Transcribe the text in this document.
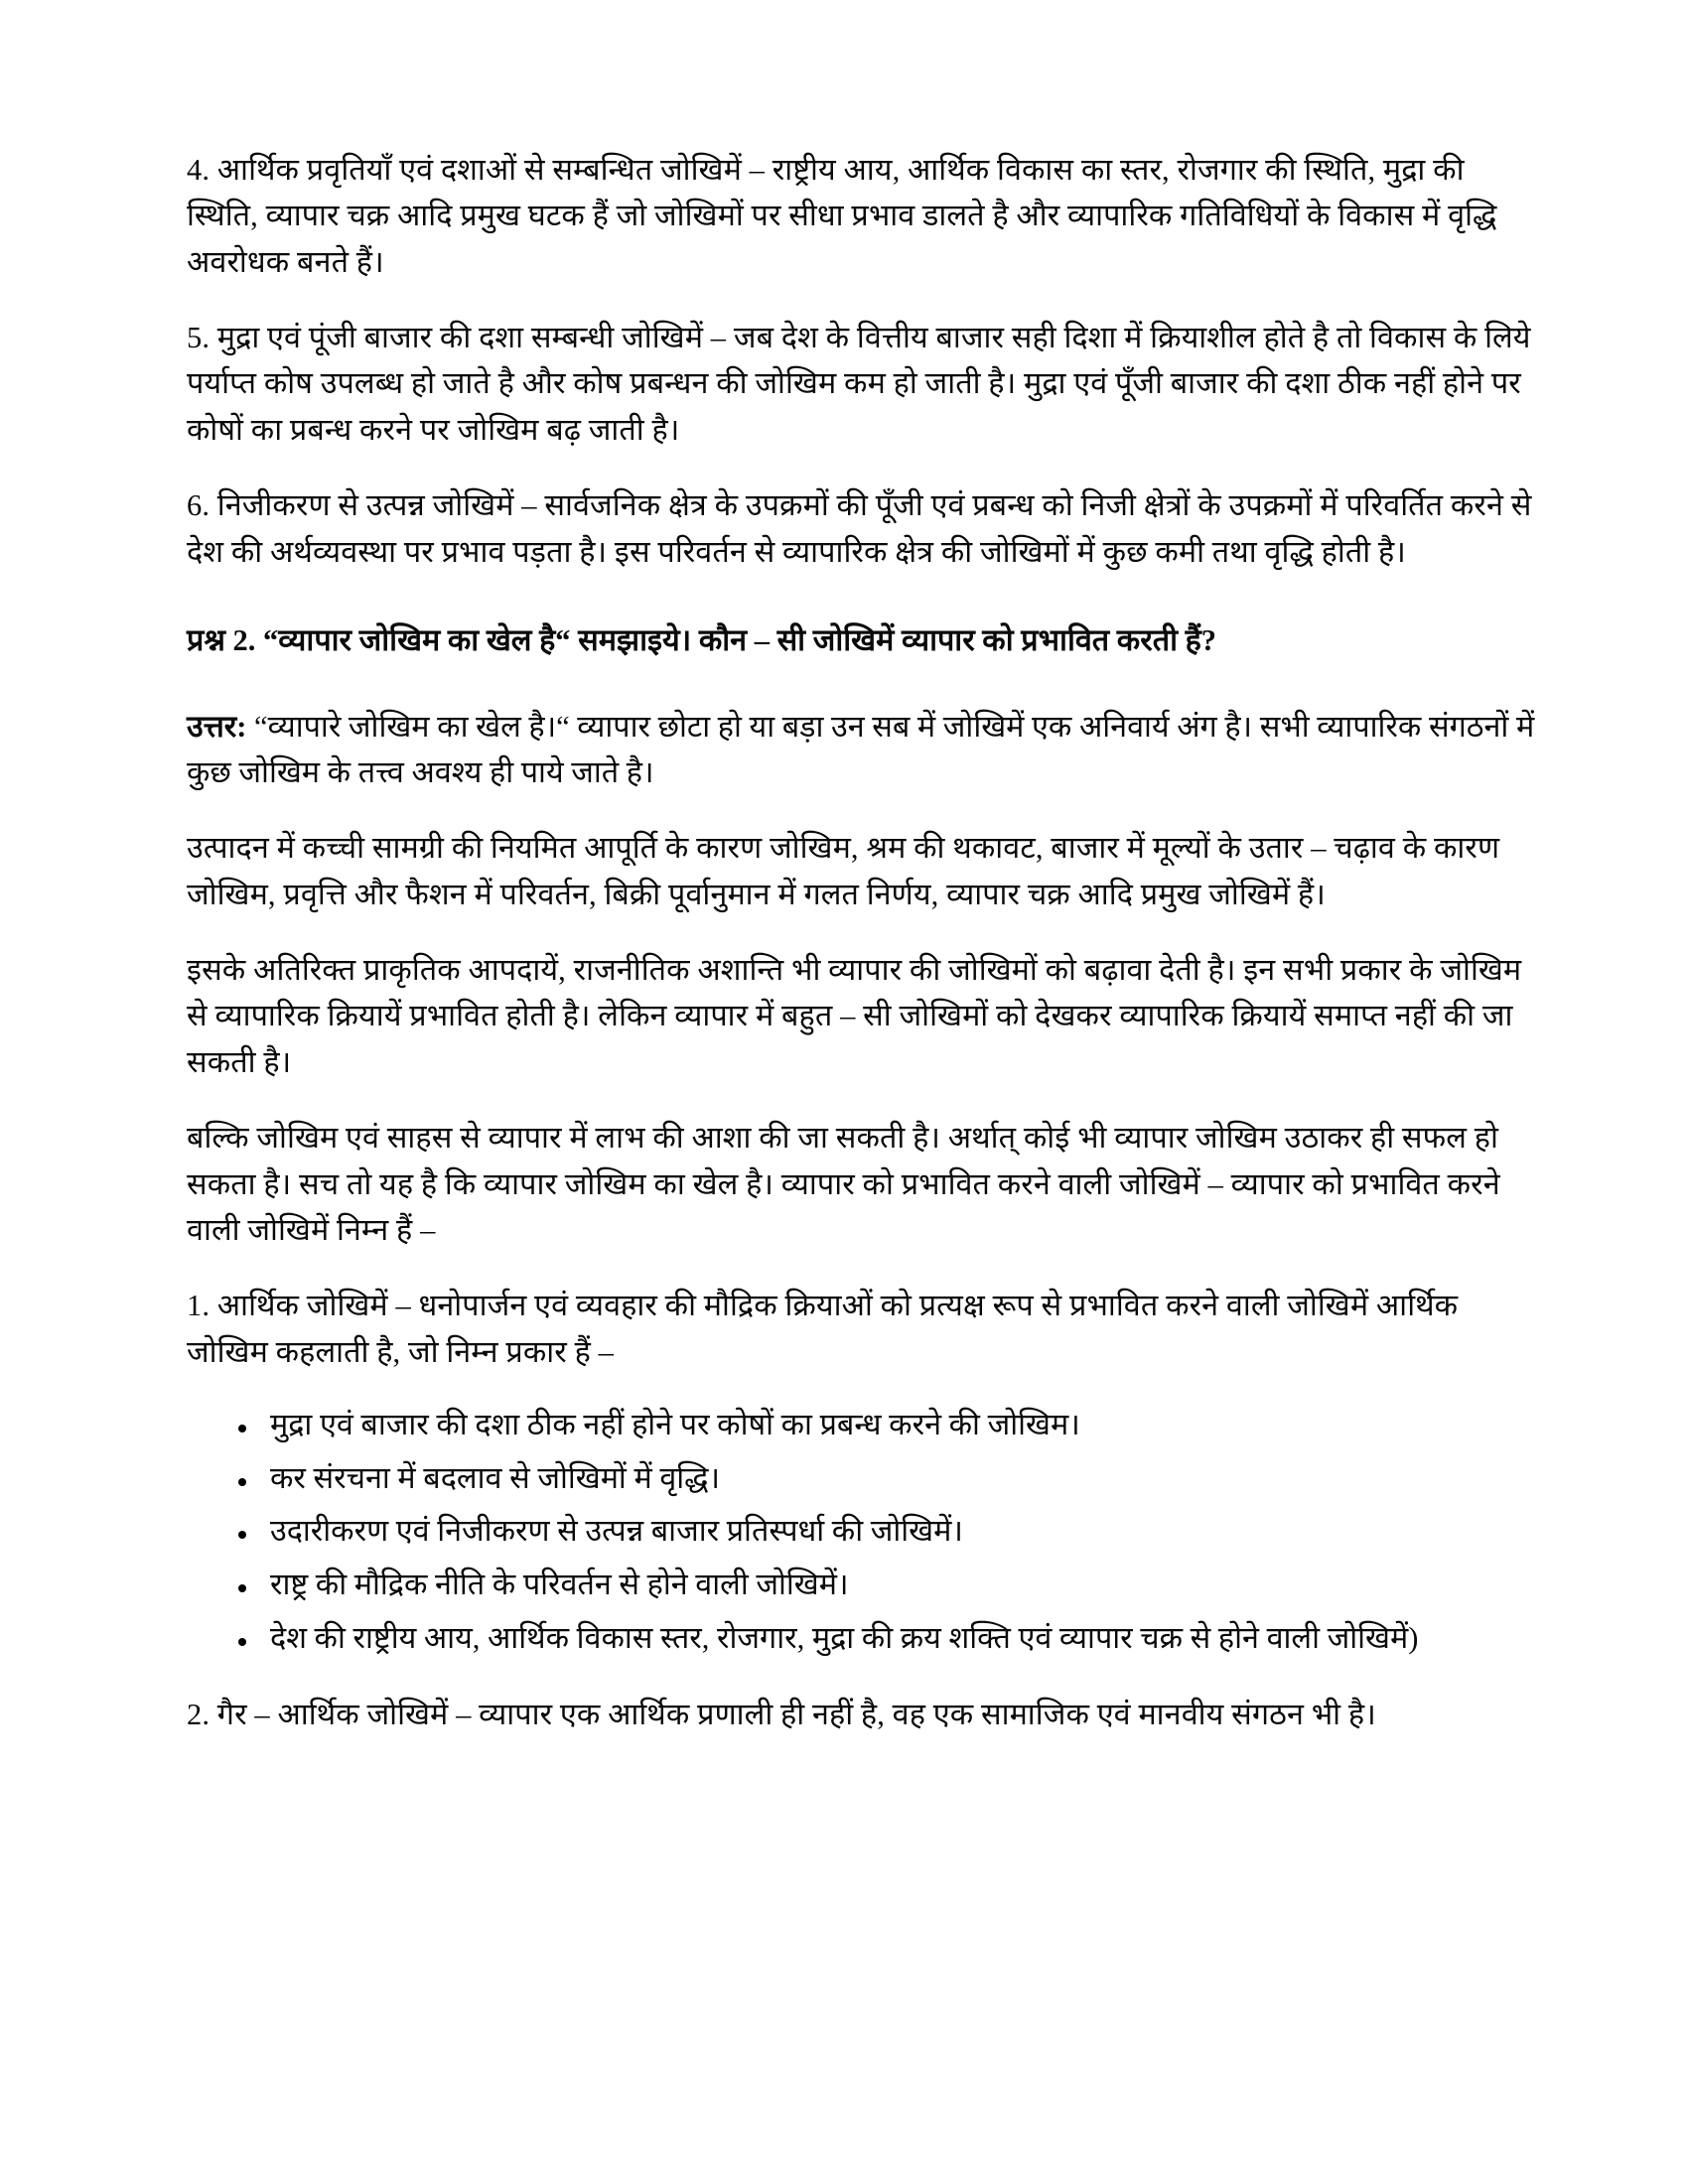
4. आर्थिक प्रवृतियाँ एवं दशाओं से सम्बन्धित जोखिमें – राष्ट्रीय आय, आर्थिक विकास का स्तर, रोजगार की स्थिति, मुद्रा की स्थिति, व्यापार चक्र आदि प्रमुख घटक हैं जो जोखिमों पर सीधा प्रभाव डालते है और व्यापारिक गतिविधियों के विकास में वृद्धि अवरोधक बनते हैं।

5. मुद्रा एवं पूंजी बाजार की दशा सम्बन्धी जोखिमें – जब देश के वित्तीय बाजार सही दिशा में क्रियाशील होते है तो विकास के लिये पर्याप्त कोष उपलब्ध हो जाते है और कोष प्रबन्धन की जोखिम कम हो जाती है। मुद्रा एवं पूँजी बाजार की दशा ठीक नहीं होने पर कोषों का प्रबन्ध करने पर जोखिम बढ़ जाती है।

6. निजीकरण से उत्पन्न जोखिमें – सार्वजनिक क्षेत्र के उपक्रमों की पूँजी एवं प्रबन्ध को निजी क्षेत्रों के उपक्रमों में परिवर्तित करने से देश की अर्थव्यवस्था पर प्रभाव पड़ता है। इस परिवर्तन से व्यापारिक क्षेत्र की जोखिमों में कुछ कमी तथा वृद्धि होती है।

प्रश्न 2. “व्यापार जोखिम का खेल है“ समझाइये। कौन – सी जोखिमें व्यापार को प्रभावित करती हैं?

उत्तर: “व्यापारे जोखिम का खेल है।“ व्यापार छोटा हो या बड़ा उन सब में जोखिमें एक अनिवार्य अंग है। सभी व्यापारिक संगठनों में कुछ जोखिम के तत्त्व अवश्य ही पाये जाते है।

उत्पादन में कच्ची सामग्री की नियमित आपूर्ति के कारण जोखिम, श्रम की थकावट, बाजार में मूल्यों के उतार – चढ़ाव के कारण जोखिम, प्रवृत्ति और फैशन में परिवर्तन, बिक्री पूर्वानुमान में गलत निर्णय, व्यापार चक्र आदि प्रमुख जोखिमें हैं।

इसके अतिरिक्त प्राकृतिक आपदायें, राजनीतिक अशान्ति भी व्यापार की जोखिमों को बढ़ावा देती है। इन सभी प्रकार के जोखिम से व्यापारिक क्रियायें प्रभावित होती है। लेकिन व्यापार में बहुत – सी जोखिमों को देखकर व्यापारिक क्रियायें समाप्त नहीं की जा सकती है।

बल्कि जोखिम एवं साहस से व्यापार में लाभ की आशा की जा सकती है। अर्थात् कोई भी व्यापार जोखिम उठाकर ही सफल हो सकता है। सच तो यह है कि व्यापार जोखिम का खेल है। व्यापार को प्रभावित करने वाली जोखिमें – व्यापार को प्रभावित करने वाली जोखिमें निम्न हैं –

1. आर्थिक जोखिमें – धनोपार्जन एवं व्यवहार की मौद्रिक क्रियाओं को प्रत्यक्ष रूप से प्रभावित करने वाली जोखिमें आर्थिक जोखिम कहलाती है, जो निम्न प्रकार हैं –

मुद्रा एवं बाजार की दशा ठीक नहीं होने पर कोषों का प्रबन्ध करने की जोखिम।
कर संरचना में बदलाव से जोखिमों में वृद्धि।
उदारीकरण एवं निजीकरण से उत्पन्न बाजार प्रतिस्पर्धा की जोखिमें।
राष्ट्र की मौद्रिक नीति के परिवर्तन से होने वाली जोखिमें।
देश की राष्ट्रीय आय, आर्थिक विकास स्तर, रोजगार, मुद्रा की क्रय शक्ति एवं व्यापार चक्र से होने वाली जोखिमें)

2. गैर – आर्थिक जोखिमें – व्यापार एक आर्थिक प्रणाली ही नहीं है, वह एक सामाजिक एवं मानवीय संगठन भी है।
